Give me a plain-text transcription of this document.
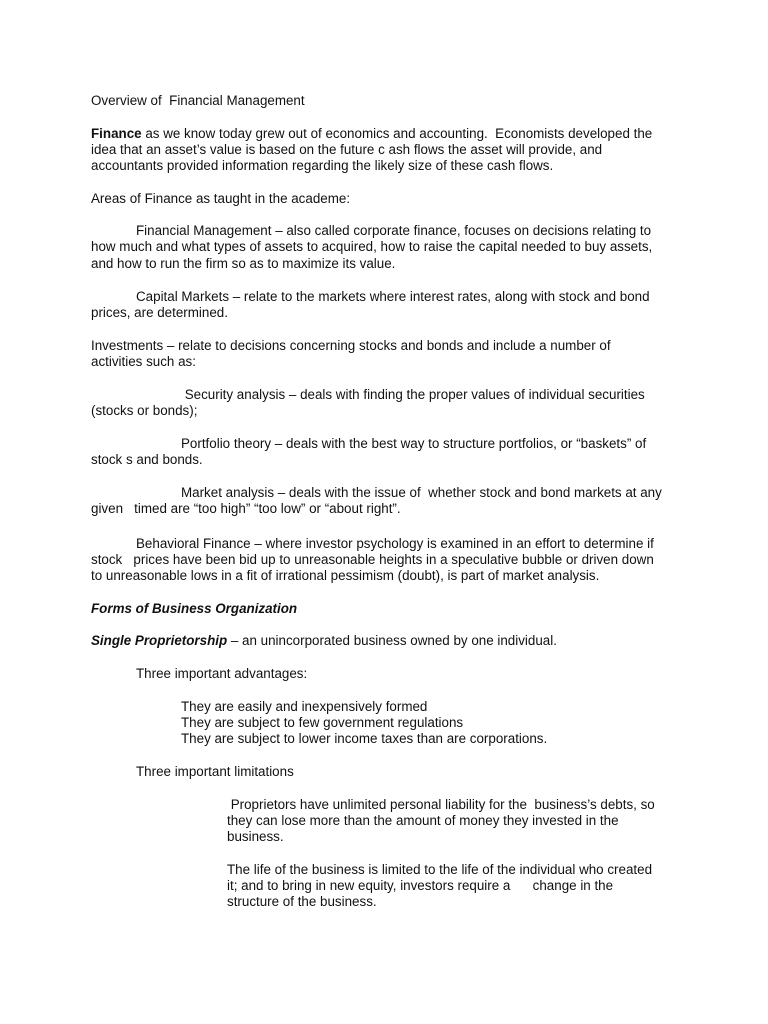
Overview of  Financial Management

Finance as we know today grew out of economics and accounting.  Economists developed the

idea that an asset’s value is based on the future c ash flows the asset will provide, and

accountants provided information regarding the likely size of these cash flows.

Areas of Finance as taught in the academe:

Financial Management – also called corporate finance, focuses on decisions relating to

how much and what types of assets to acquired, how to raise the capital needed to buy assets,

and how to run the firm so as to maximize its value.

Capital Markets – relate to the markets where interest rates, along with stock and bond

prices, are determined.

Investments – relate to decisions concerning stocks and bonds and include a number of

activities such as:

Security analysis – deals with finding the proper values of individual securities

(stocks or bonds);

Portfolio theory – deals with the best way to structure portfolios, or “baskets” of

stock s and bonds.

Market analysis – deals with the issue of  whether stock and bond markets at any

given   timed are “too high” “too low” or “about right”.

Behavioral Finance – where investor psychology is examined in an effort to determine if

stock   prices have been bid up to unreasonable heights in a speculative bubble or driven down

to unreasonable lows in a fit of irrational pessimism (doubt), is part of market analysis.

Forms of Business Organization

Single Proprietorship – an unincorporated business owned by one individual.

Three important advantages:

They are easily and inexpensively formed

They are subject to few government regulations

They are subject to lower income taxes than are corporations.

Three important limitations

Proprietors have unlimited personal liability for the  business’s debts, so

they can lose more than the amount of money they invested in the

business.

The life of the business is limited to the life of the individual who created

it; and to bring in new equity, investors require a      change in the

structure of the business.
